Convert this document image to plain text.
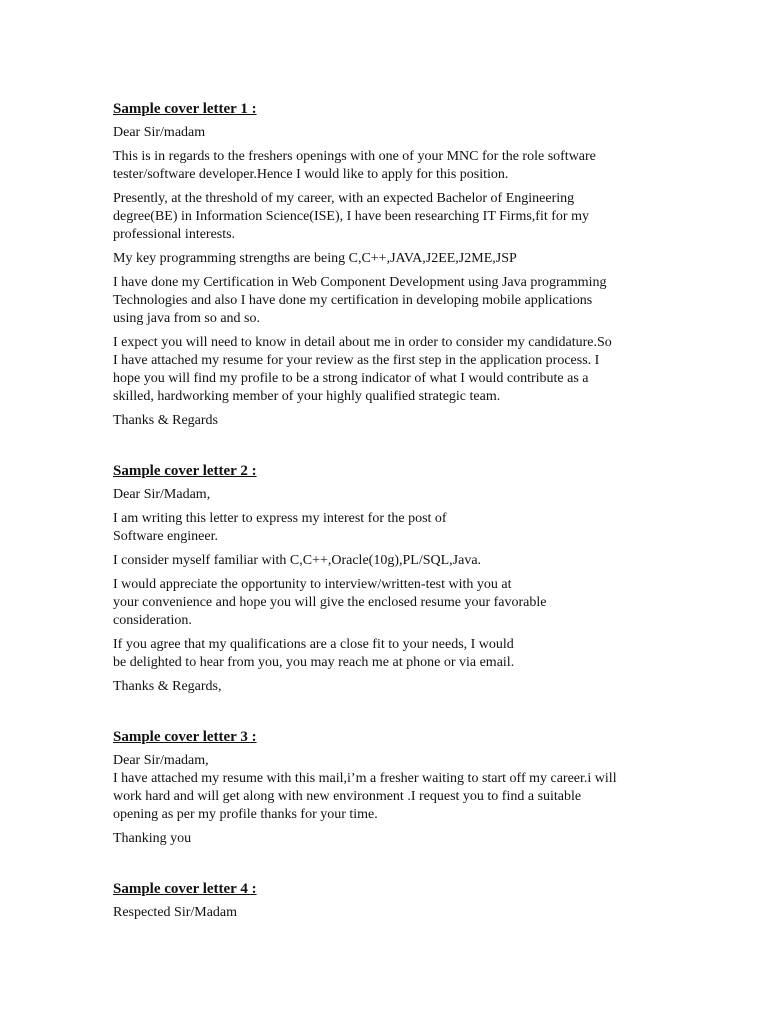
Sample cover letter 1 :
Dear Sir/madam
This is in regards to the freshers openings with one of your MNC for the role software
tester/software developer.Hence I would like to apply for this position.
Presently, at the threshold of my career, with an expected Bachelor of Engineering
degree(BE) in Information Science(ISE), I have been researching IT Firms,fit for my
professional interests.
My key programming strengths are being C,C++,JAVA,J2EE,J2ME,JSP
I have done my Certification in Web Component Development using Java programming
Technologies and also I have done my certification in developing mobile applications
using java from so and so.
I expect you will need to know in detail about me in order to consider my candidature.So
I have attached my resume for your review as the first step in the application process. I
hope you will find my profile to be a strong indicator of what I would contribute as a
skilled, hardworking member of your highly qualified strategic team.
Thanks & Regards
Sample cover letter 2 :
Dear Sir/Madam,
I am writing this letter to express my interest for the post of
Software engineer.
I consider myself familiar with C,C++,Oracle(10g),PL/SQL,Java.
I would appreciate the opportunity to interview/written-test with you at
your convenience and hope you will give the enclosed resume your favorable
consideration.
If you agree that my qualifications are a close fit to your needs, I would
be delighted to hear from you, you may reach me at phone or via email.
Thanks & Regards,
Sample cover letter 3 :
Dear Sir/madam,
I have attached my resume with this mail,i’m a fresher waiting to start off my career.i will
work hard and will get along with new environment .I request you to find a suitable
opening as per my profile thanks for your time.
Thanking you
Sample cover letter 4 :
Respected Sir/Madam
